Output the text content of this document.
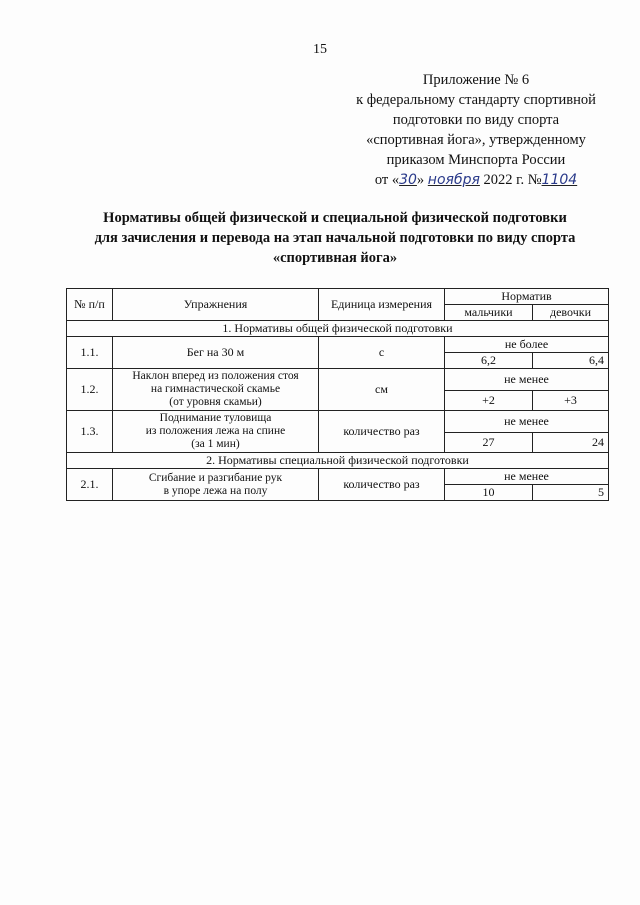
15
Приложение № 6
к федеральному стандарту спортивной
подготовки по виду спорта
«спортивная йога», утвержденному
приказом Минспорта России
от «30» ноября 2022 г. №1104
Нормативы общей физической и специальной физической подготовки
для зачисления и перевода на этап начальной подготовки по виду спорта
«спортивная йога»
№ п/п	Упражнения	Единица измерения	Норматив	
			мальчики	девочки
1. Нормативы общей физической подготовки				
1.1.	Бег на 30 м	с	не более	
			6,2	6,4
1.2.	Наклон вперед из положения стоя
на гимнастической скамье
(от уровня скамьи)	см	не менее	
			+2	+3
1.3.	Поднимание туловища
из положения лежа на спине
(за 1 мин)	количество раз	не менее	
			27	24
2. Нормативы специальной физической подготовки				
2.1.	Сгибание и разгибание рук
в упоре лежа на полу	количество раз	не менее	
			10	5
